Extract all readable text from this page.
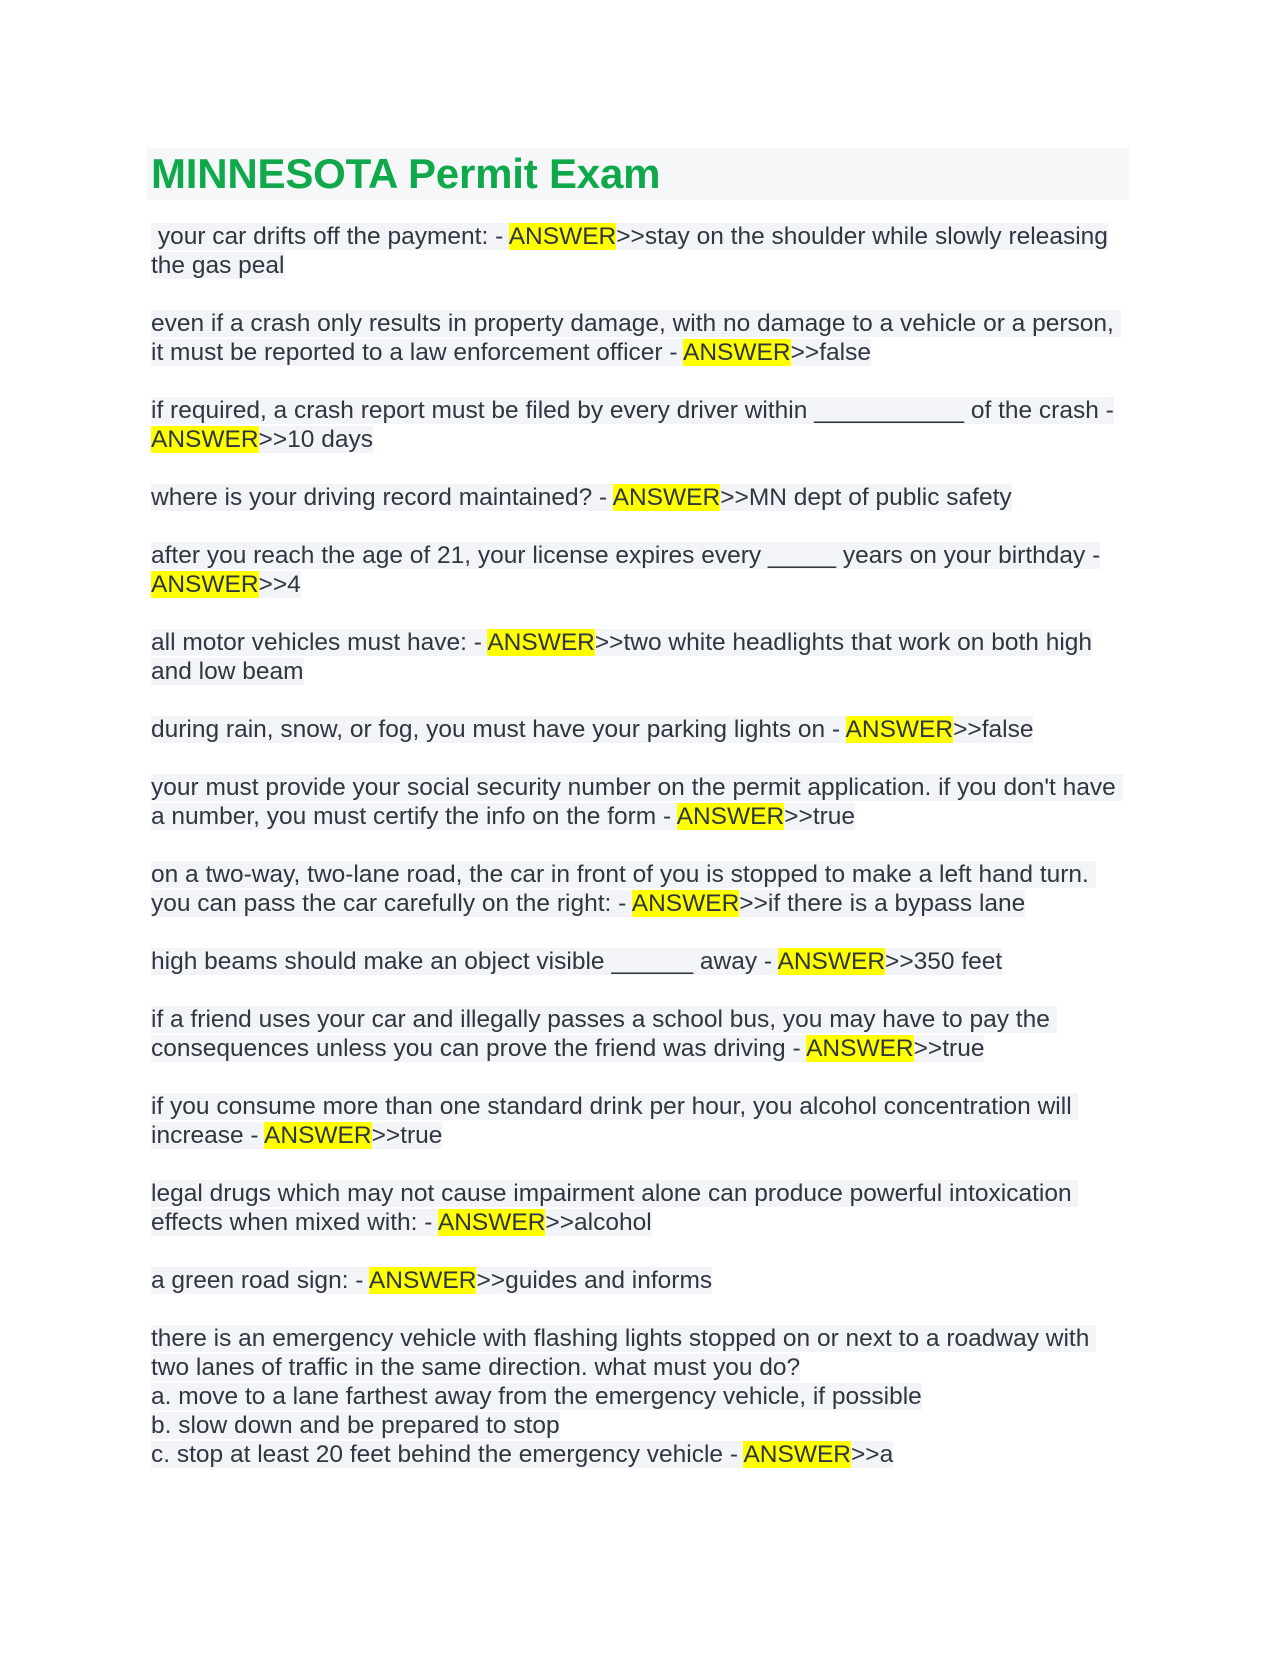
MINNESOTA Permit Exam

your car drifts off the payment: - ANSWER>>stay on the shoulder while slowly releasing the gas peal

even if a crash only results in property damage, with no damage to a vehicle or a person, it must be reported to a law enforcement officer - ANSWER>>false

if required, a crash report must be filed by every driver within ___________ of the crash - ANSWER>>10 days

where is your driving record maintained? - ANSWER>>MN dept of public safety

after you reach the age of 21, your license expires every _____ years on your birthday - ANSWER>>4

all motor vehicles must have: - ANSWER>>two white headlights that work on both high and low beam

during rain, snow, or fog, you must have your parking lights on - ANSWER>>false

your must provide your social security number on the permit application. if you don't have a number, you must certify the info on the form - ANSWER>>true

on a two-way, two-lane road, the car in front of you is stopped to make a left hand turn. you can pass the car carefully on the right: - ANSWER>>if there is a bypass lane

high beams should make an object visible ______ away - ANSWER>>350 feet

if a friend uses your car and illegally passes a school bus, you may have to pay the consequences unless you can prove the friend was driving - ANSWER>>true

if you consume more than one standard drink per hour, you alcohol concentration will increase - ANSWER>>true

legal drugs which may not cause impairment alone can produce powerful intoxication effects when mixed with: - ANSWER>>alcohol

a green road sign: - ANSWER>>guides and informs

there is an emergency vehicle with flashing lights stopped on or next to a roadway with two lanes of traffic in the same direction. what must you do?
a. move to a lane farthest away from the emergency vehicle, if possible
b. slow down and be prepared to stop
c. stop at least 20 feet behind the emergency vehicle - ANSWER>>a
